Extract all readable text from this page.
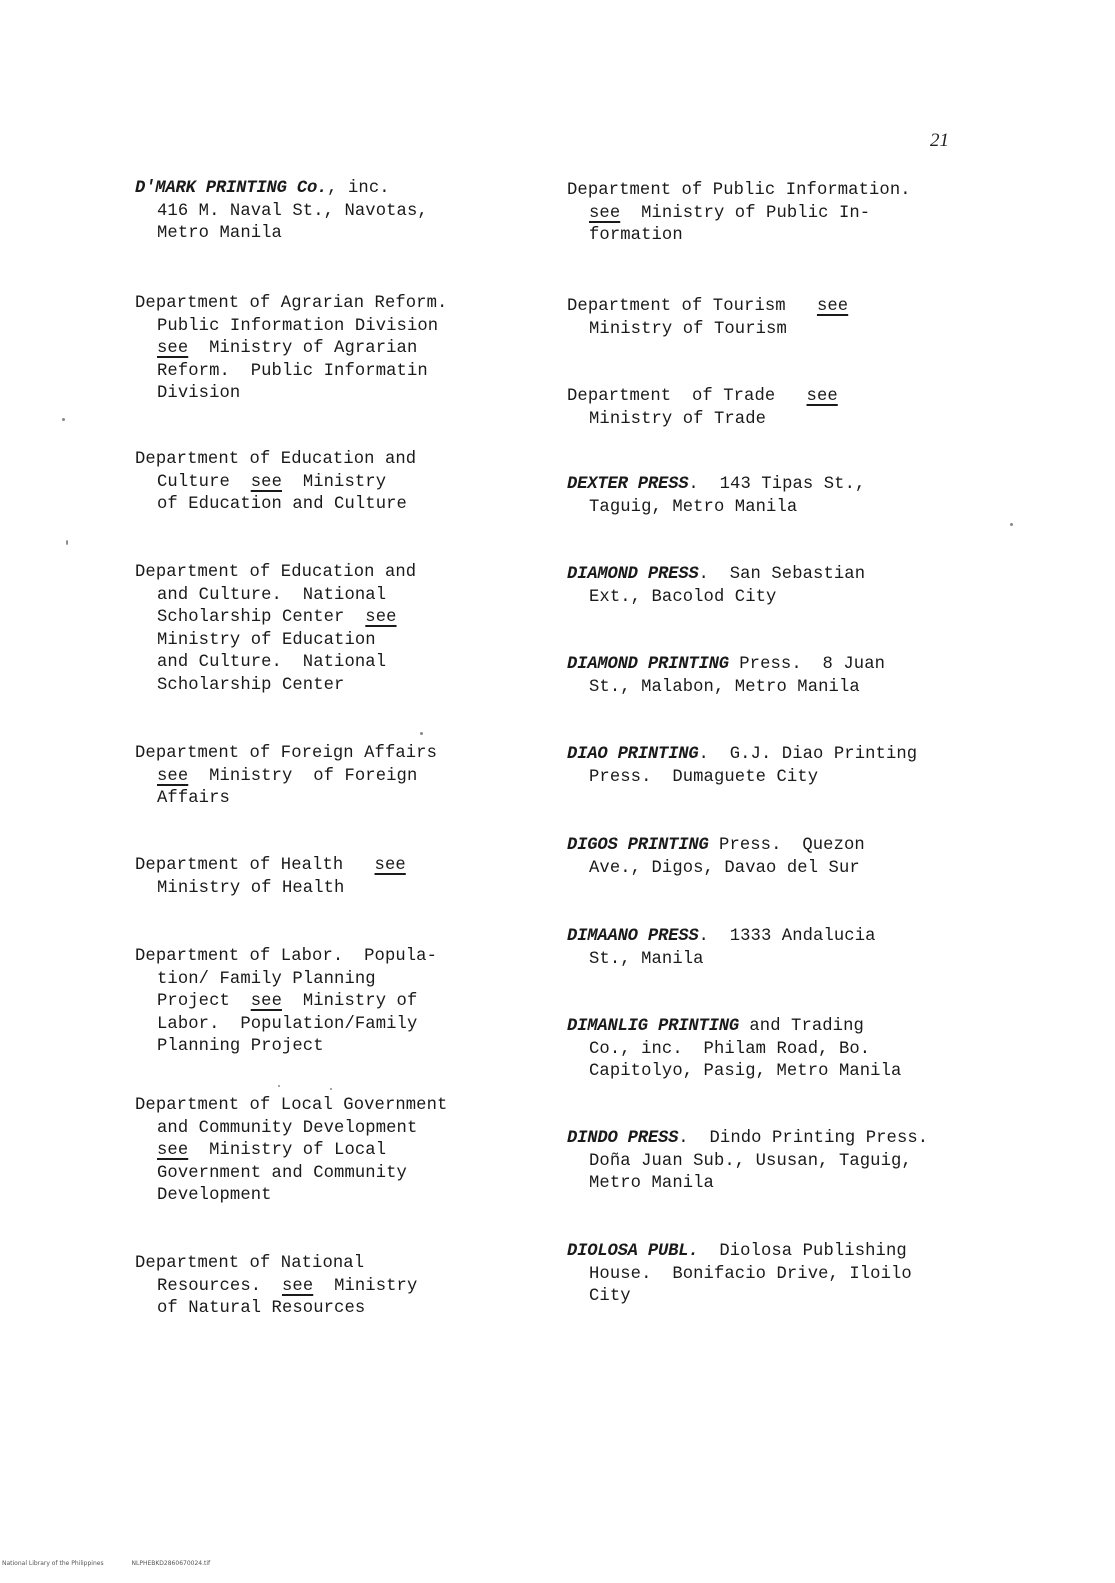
21
D'MARK PRINTING Co., inc.
416 M. Naval St., Navotas,
Metro Manila
Department of Agrarian Reform.
Public Information Division
see  Ministry of Agrarian
Reform.  Public Informatin
Division
Department of Education and
Culture  see  Ministry
of Education and Culture
Department of Education and
and Culture.  National
Scholarship Center  see
Ministry of Education
and Culture.  National
Scholarship Center
Department of Foreign Affairs
see  Ministry  of Foreign
Affairs
Department of Health   see
Ministry of Health
Department of Labor.  Popula-
tion/ Family Planning
Project  see  Ministry of
Labor.  Population/Family
Planning Project
Department of Local Government
and Community Development
see  Ministry of Local
Government and Community
Development
Department of National
Resources.  see  Ministry
of Natural Resources
Department of Public Information.
see  Ministry of Public In-
formation
Department of Tourism   see
Ministry of Tourism
Department  of Trade   see
Ministry of Trade
DEXTER PRESS.  143 Tipas St.,
Taguig, Metro Manila
DIAMOND PRESS.  San Sebastian
Ext., Bacolod City
DIAMOND PRINTING Press.  8 Juan
St., Malabon, Metro Manila
DIAO PRINTING.  G.J. Diao Printing
Press.  Dumaguete City
DIGOS PRINTING Press.  Quezon
Ave., Digos, Davao del Sur
DIMAANO PRESS.  1333 Andalucia
St., Manila
DIMANLIG PRINTING and Trading
Co., inc.  Philam Road, Bo.
Capitolyo, Pasig, Metro Manila
DINDO PRESS.  Dindo Printing Press.
Doña Juan Sub., Ususan, Taguig,
Metro Manila
DIOLOSA PUBL.  Diolosa Publishing
House.  Bonifacio Drive, Iloilo
City
National Library of the Philippines	NLPHEBKD2860670024.tif
